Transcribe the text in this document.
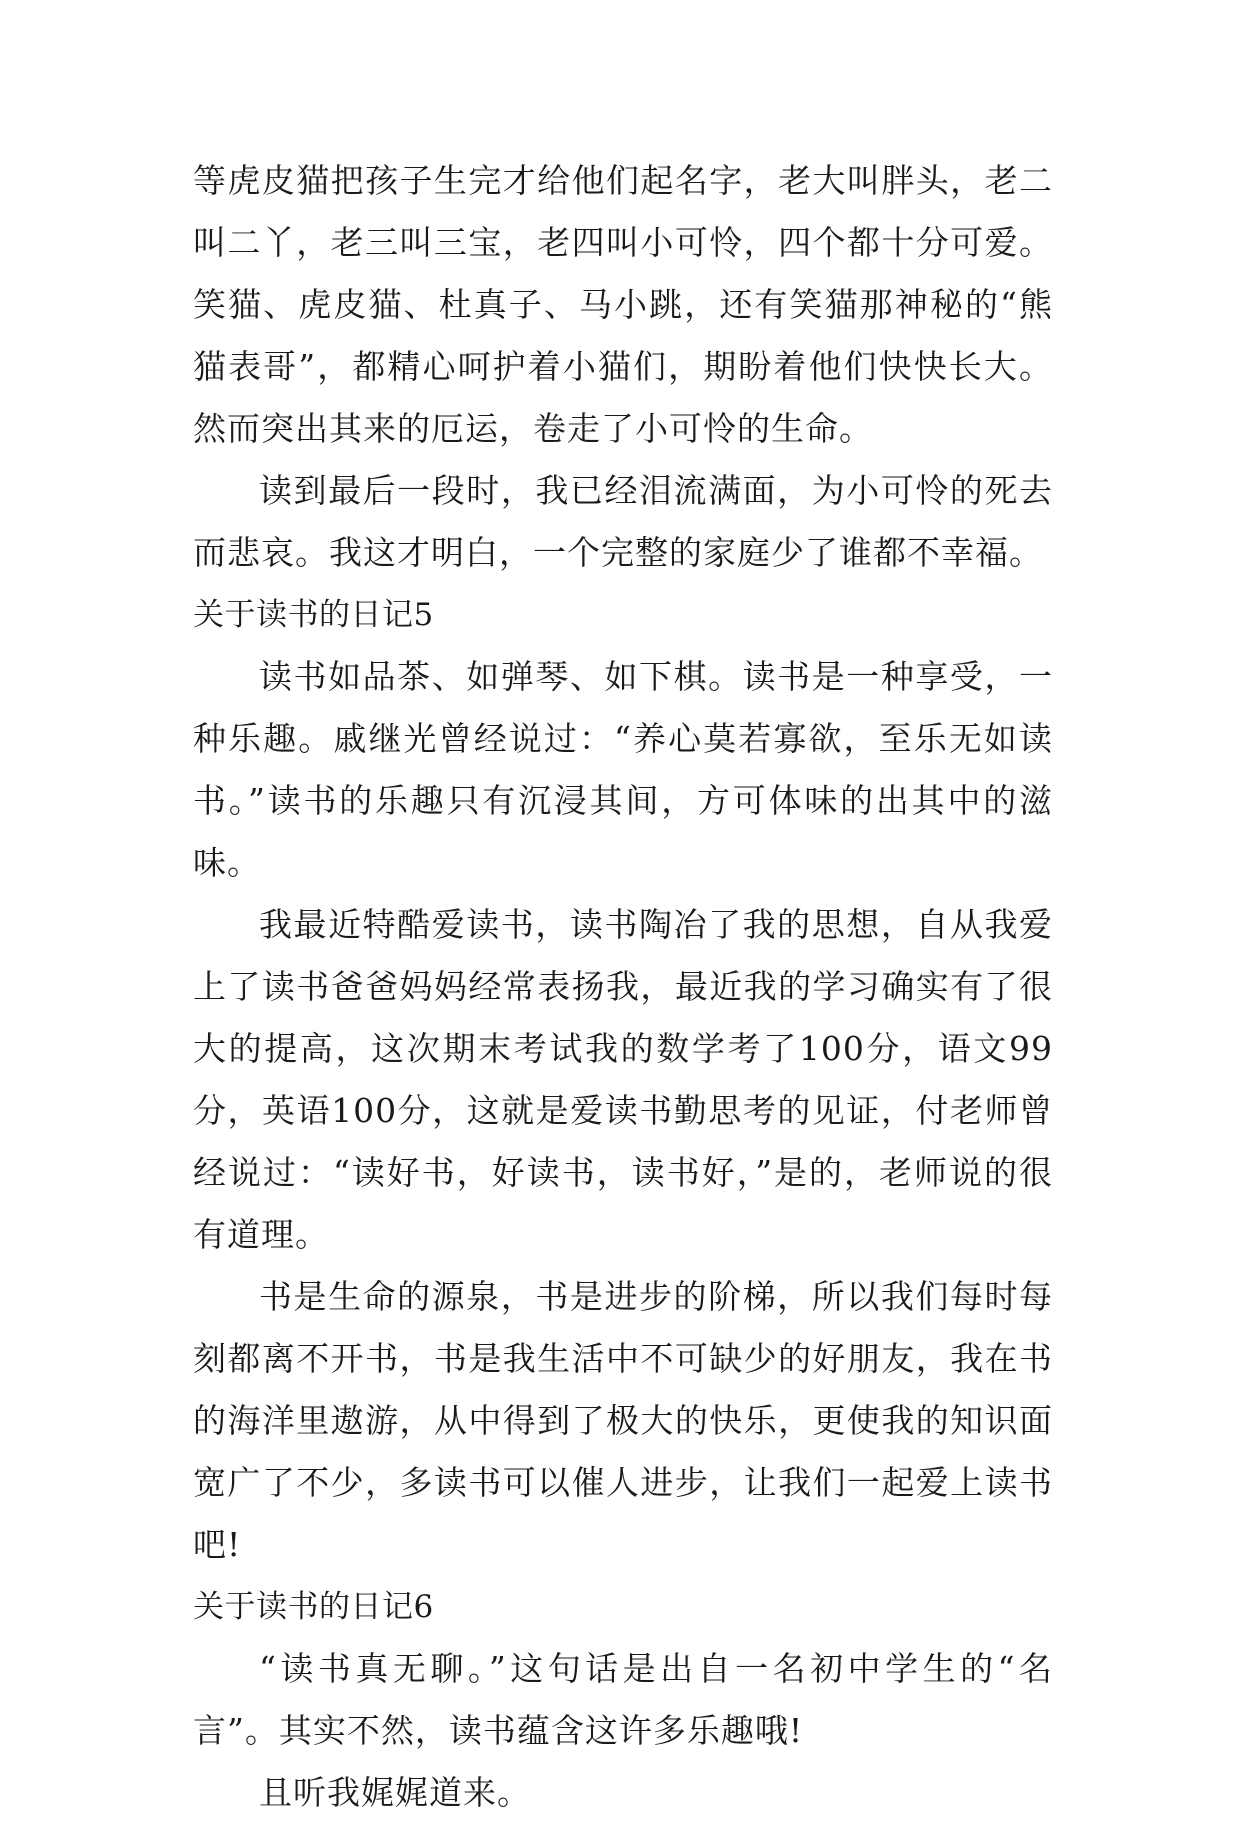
等虎皮猫把孩子生完才给他们起名字，老大叫胖头，老二叫二丫，老三叫三宝，老四叫小可怜，四个都十分可爱。笑猫、虎皮猫、杜真子、马小跳，还有笑猫那神秘的“熊猫表哥”，都精心呵护着小猫们，期盼着他们快快长大。然而突出其来的厄运，卷走了小可怜的生命。

读到最后一段时，我已经泪流满面，为小可怜的死去而悲哀。我这才明白，一个完整的家庭少了谁都不幸福。

关于读书的日记5

读书如品茶、如弹琴、如下棋。读书是一种享受，一种乐趣。戚继光曾经说过：“养心莫若寡欲，至乐无如读书。”读书的乐趣只有沉浸其间，方可体味的出其中的滋味。

我最近特酷爱读书，读书陶冶了我的思想，自从我爱上了读书爸爸妈妈经常表扬我，最近我的学习确实有了很大的提高，这次期末考试我的数学考了100分，语文99分，英语100分，这就是爱读书勤思考的见证，付老师曾经说过：“读好书，好读书，读书好，”是的，老师说的很有道理。

书是生命的源泉，书是进步的阶梯，所以我们每时每刻都离不开书，书是我生活中不可缺少的好朋友，我在书的海洋里遨游，从中得到了极大的快乐，更使我的知识面宽广了不少，多读书可以催人进步，让我们一起爱上读书吧!

关于读书的日记6

“读书真无聊。”这句话是出自一名初中学生的“名言”。其实不然，读书蕴含这许多乐趣哦!

且听我娓娓道来。
